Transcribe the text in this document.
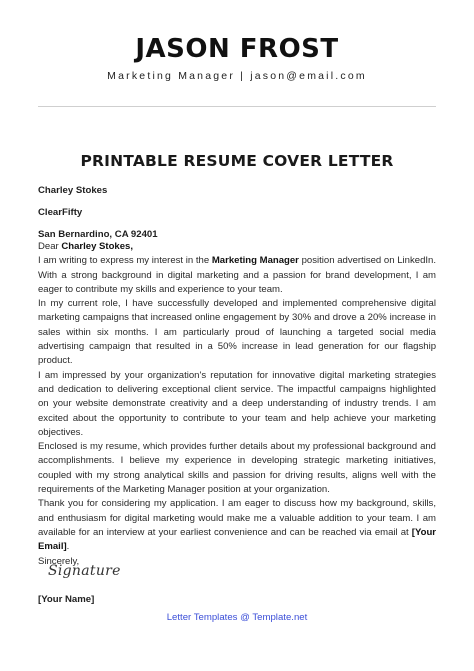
JASON FROST
Marketing Manager | jason@email.com
PRINTABLE RESUME COVER LETTER
Charley Stokes
ClearFifty
San Bernardino, CA 92401

Dear Charley Stokes,

I am writing to express my interest in the Marketing Manager position advertised on LinkedIn. With a strong background in digital marketing and a passion for brand development, I am eager to contribute my skills and experience to your team.

In my current role, I have successfully developed and implemented comprehensive digital marketing campaigns that increased online engagement by 30% and drove a 20% increase in sales within six months. I am particularly proud of launching a targeted social media advertising campaign that resulted in a 50% increase in lead generation for our flagship product.

I am impressed by your organization's reputation for innovative digital marketing strategies and dedication to delivering exceptional client service. The impactful campaigns highlighted on your website demonstrate creativity and a deep understanding of industry trends. I am excited about the opportunity to contribute to your team and help achieve your marketing objectives.

Enclosed is my resume, which provides further details about my professional background and accomplishments. I believe my experience in developing strategic marketing initiatives, coupled with my strong analytical skills and passion for driving results, aligns well with the requirements of the Marketing Manager position at your organization.

Thank you for considering my application. I am eager to discuss how my background, skills, and enthusiasm for digital marketing would make me a valuable addition to your team. I am available for an interview at your earliest convenience and can be reached via email at [Your Email].

Sincerely,

Signature
[Your Name]
Letter Templates @ Template.net
